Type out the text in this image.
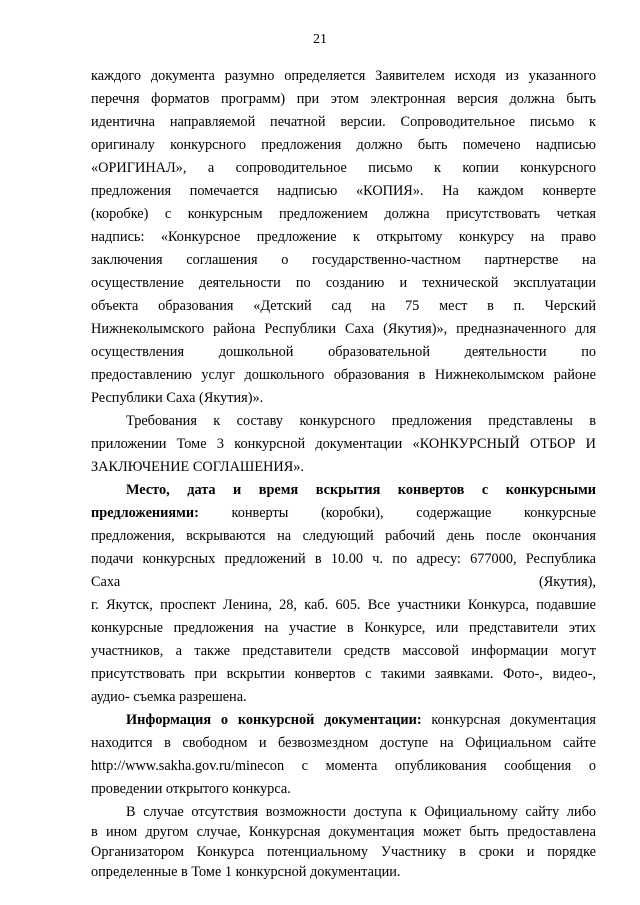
21
каждого документа разумно определяется Заявителем исходя из указанного
перечня форматов программ) при этом электронная версия должна быть
идентична направляемой печатной версии. Сопроводительное письмо к
оригиналу конкурсного предложения должно быть помечено надписью
«ОРИГИНАЛ», а сопроводительное письмо к копии конкурсного
предложения помечается надписью «КОПИЯ». На каждом конверте
(коробке) с конкурсным предложением должна присутствовать четкая
надпись: «Конкурсное предложение к открытому конкурсу на право
заключения соглашения о государственно-частном партнерстве на
осуществление деятельности по созданию и технической эксплуатации
объекта образования «Детский сад на 75 мест в п. Черский
Нижнеколымского района Республики Саха (Якутия)», предназначенного для
осуществления дошкольной образовательной деятельности по
предоставлению услуг дошкольного образования в Нижнеколымском районе
Республики Саха (Якутия)».
Требования к составу конкурсного предложения представлены в
приложении Томе 3 конкурсной документации «КОНКУРСНЫЙ ОТБОР И
ЗАКЛЮЧЕНИЕ СОГЛАШЕНИЯ».
Место, дата и время вскрытия конвертов с конкурсными
предложениями: конверты (коробки), содержащие конкурсные
предложения, вскрываются на следующий рабочий день после окончания
подачи конкурсных предложений в 10.00 ч. по адресу: 677000, Республика
Саха (Якутия),
г. Якутск, проспект Ленина, 28, каб. 605. Все участники Конкурса, подавшие
конкурсные предложения на участие в Конкурсе, или представители этих
участников, а также представители средств массовой информации могут
присутствовать при вскрытии конвертов с такими заявками. Фото-, видео-,
аудио- съемка разрешена.
Информация о конкурсной документации: конкурсная документация
находится в свободном и безвозмездном доступе на Официальном сайте
http://www.sakha.gov.ru/minecon с момента опубликования сообщения о
проведении открытого конкурса.
В случае отсутствия возможности доступа к Официальному сайту либо
в ином другом случае, Конкурсная документация может быть предоставлена
Организатором Конкурса потенциальному Участнику в сроки и порядке
определенные в Томе 1 конкурсной документации.
